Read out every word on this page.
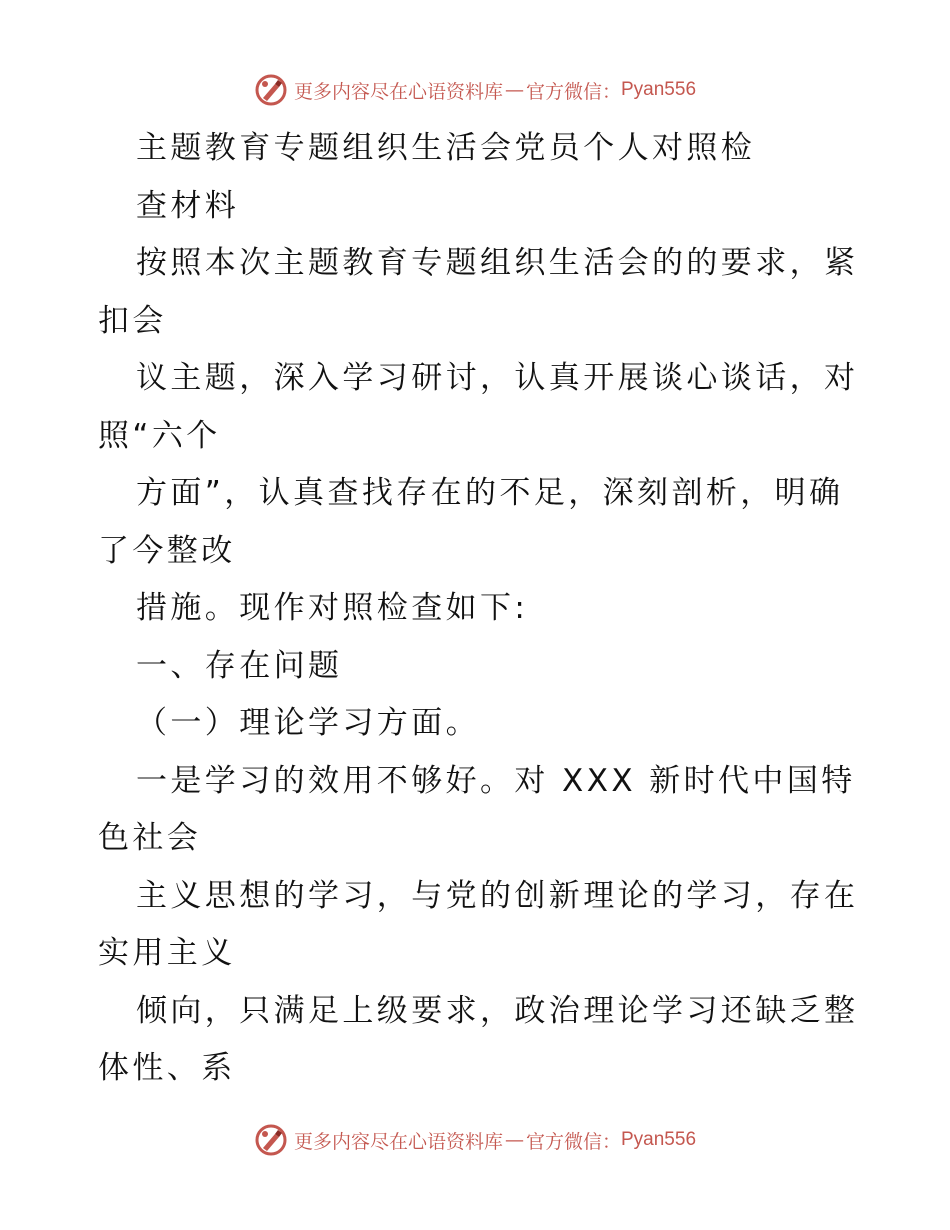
更多内容尽在心语资料库 — 官方微信： Pyan556
主题教育专题组织生活会党员个人对照检
查材料
按照本次主题教育专题组织生活会的的要求，紧
扣会
议主题，深入学习研讨，认真开展谈心谈话，对
照“六个
方面”，认真查找存在的不足，深刻剖析，明确
了今整改
措施。现作对照检查如下:
一、存在问题
（一）理论学习方面。
一是学习的效用不够好。对 XXX 新时代中国特
色社会
主义思想的学习，与党的创新理论的学习，存在
实用主义
倾向，只满足上级要求，政治理论学习还缺乏整
体性、系
更多内容尽在心语资料库 — 官方微信： Pyan556
